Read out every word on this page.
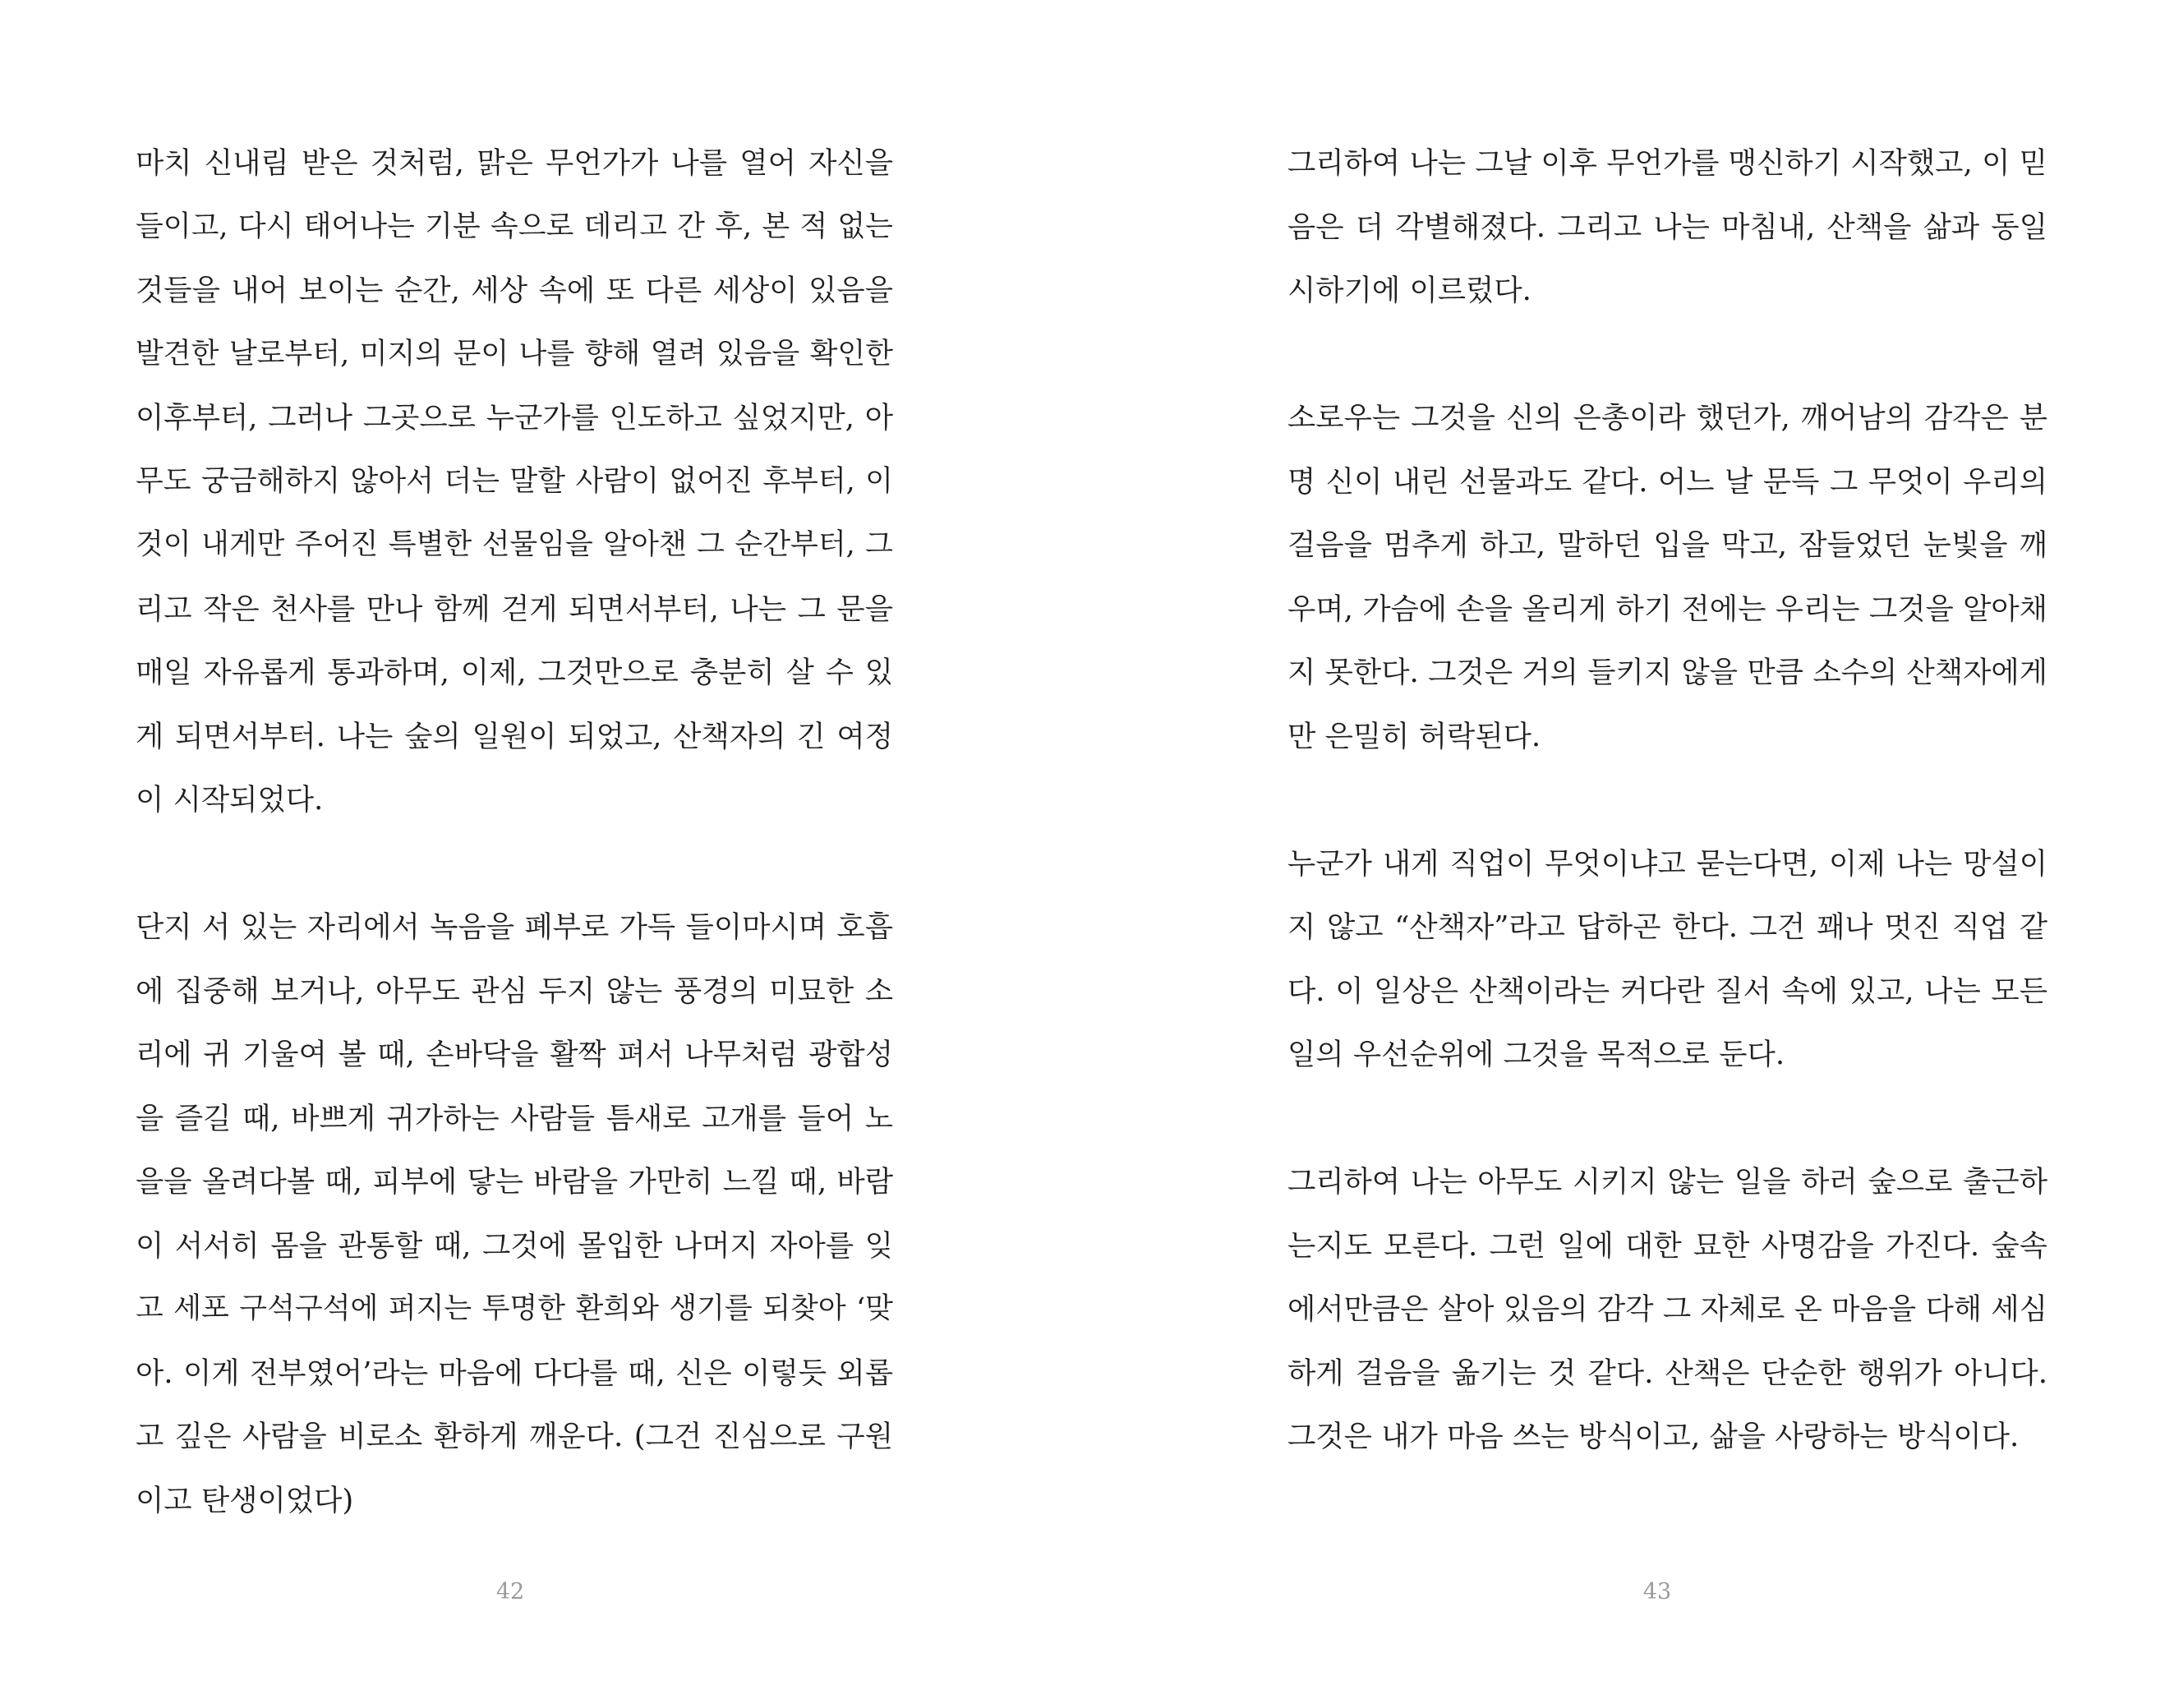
마치 신내림 받은 것처럼, 맑은 무언가가 나를 열어 자신을
들이고, 다시 태어나는 기분 속으로 데리고 간 후, 본 적 없는
것들을 내어 보이는 순간, 세상 속에 또 다른 세상이 있음을
발견한 날로부터, 미지의 문이 나를 향해 열려 있음을 확인한
이후부터, 그러나 그곳으로 누군가를 인도하고 싶었지만, 아
무도 궁금해하지 않아서 더는 말할 사람이 없어진 후부터, 이
것이 내게만 주어진 특별한 선물임을 알아챈 그 순간부터, 그
리고 작은 천사를 만나 함께 걷게 되면서부터, 나는 그 문을
매일 자유롭게 통과하며, 이제, 그것만으로 충분히 살 수 있
게 되면서부터. 나는 숲의 일원이 되었고, 산책자의 긴 여정
이 시작되었다.
단지 서 있는 자리에서 녹음을 폐부로 가득 들이마시며 호흡
에 집중해 보거나, 아무도 관심 두지 않는 풍경의 미묘한 소
리에 귀 기울여 볼 때, 손바닥을 활짝 펴서 나무처럼 광합성
을 즐길 때, 바쁘게 귀가하는 사람들 틈새로 고개를 들어 노
을을 올려다볼 때, 피부에 닿는 바람을 가만히 느낄 때, 바람
이 서서히 몸을 관통할 때, 그것에 몰입한 나머지 자아를 잊
고 세포 구석구석에 퍼지는 투명한 환희와 생기를 되찾아 ‘맞
아. 이게 전부였어’라는 마음에 다다를 때, 신은 이렇듯 외롭
고 깊은 사람을 비로소 환하게 깨운다. (그건 진심으로 구원
이고 탄생이었다)
42
그리하여 나는 그날 이후 무언가를 맹신하기 시작했고, 이 믿
음은 더 각별해졌다. 그리고 나는 마침내, 산책을 삶과 동일
시하기에 이르렀다.
소로우는 그것을 신의 은총이라 했던가, 깨어남의 감각은 분
명 신이 내린 선물과도 같다. 어느 날 문득 그 무엇이 우리의
걸음을 멈추게 하고, 말하던 입을 막고, 잠들었던 눈빛을 깨
우며, 가슴에 손을 올리게 하기 전에는 우리는 그것을 알아채
지 못한다. 그것은 거의 들키지 않을 만큼 소수의 산책자에게
만 은밀히 허락된다.
누군가 내게 직업이 무엇이냐고 묻는다면, 이제 나는 망설이
지 않고 “산책자”라고 답하곤 한다. 그건 꽤나 멋진 직업 같
다. 이 일상은 산책이라는 커다란 질서 속에 있고, 나는 모든
일의 우선순위에 그것을 목적으로 둔다.
그리하여 나는 아무도 시키지 않는 일을 하러 숲으로 출근하
는지도 모른다. 그런 일에 대한 묘한 사명감을 가진다. 숲속
에서만큼은 살아 있음의 감각 그 자체로 온 마음을 다해 세심
하게 걸음을 옮기는 것 같다. 산책은 단순한 행위가 아니다.
그것은 내가 마음 쓰는 방식이고, 삶을 사랑하는 방식이다.
43
